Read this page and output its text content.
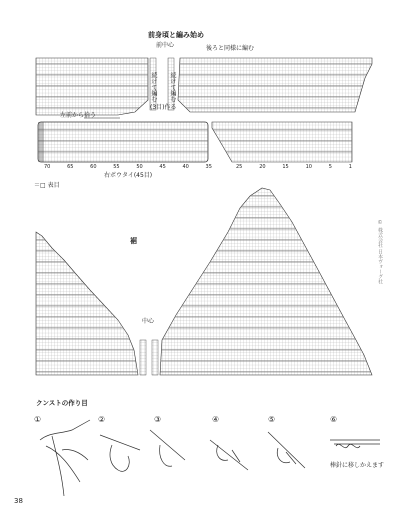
前身頃と編み始め
前中心	後ろと同様に編む
続けて編む 続けて編む
(3目)作る
左前から拾う
70	65	60	55	50	45	40	35	25	20	15	10	5	1
右ボウタイ(45目)
＝□ 表目
裾
中心
© 株式会社 日本ヴォーグ社
クンストの作り目
①	②	③	④	⑤	⑥
棒針に移しかえます
38
